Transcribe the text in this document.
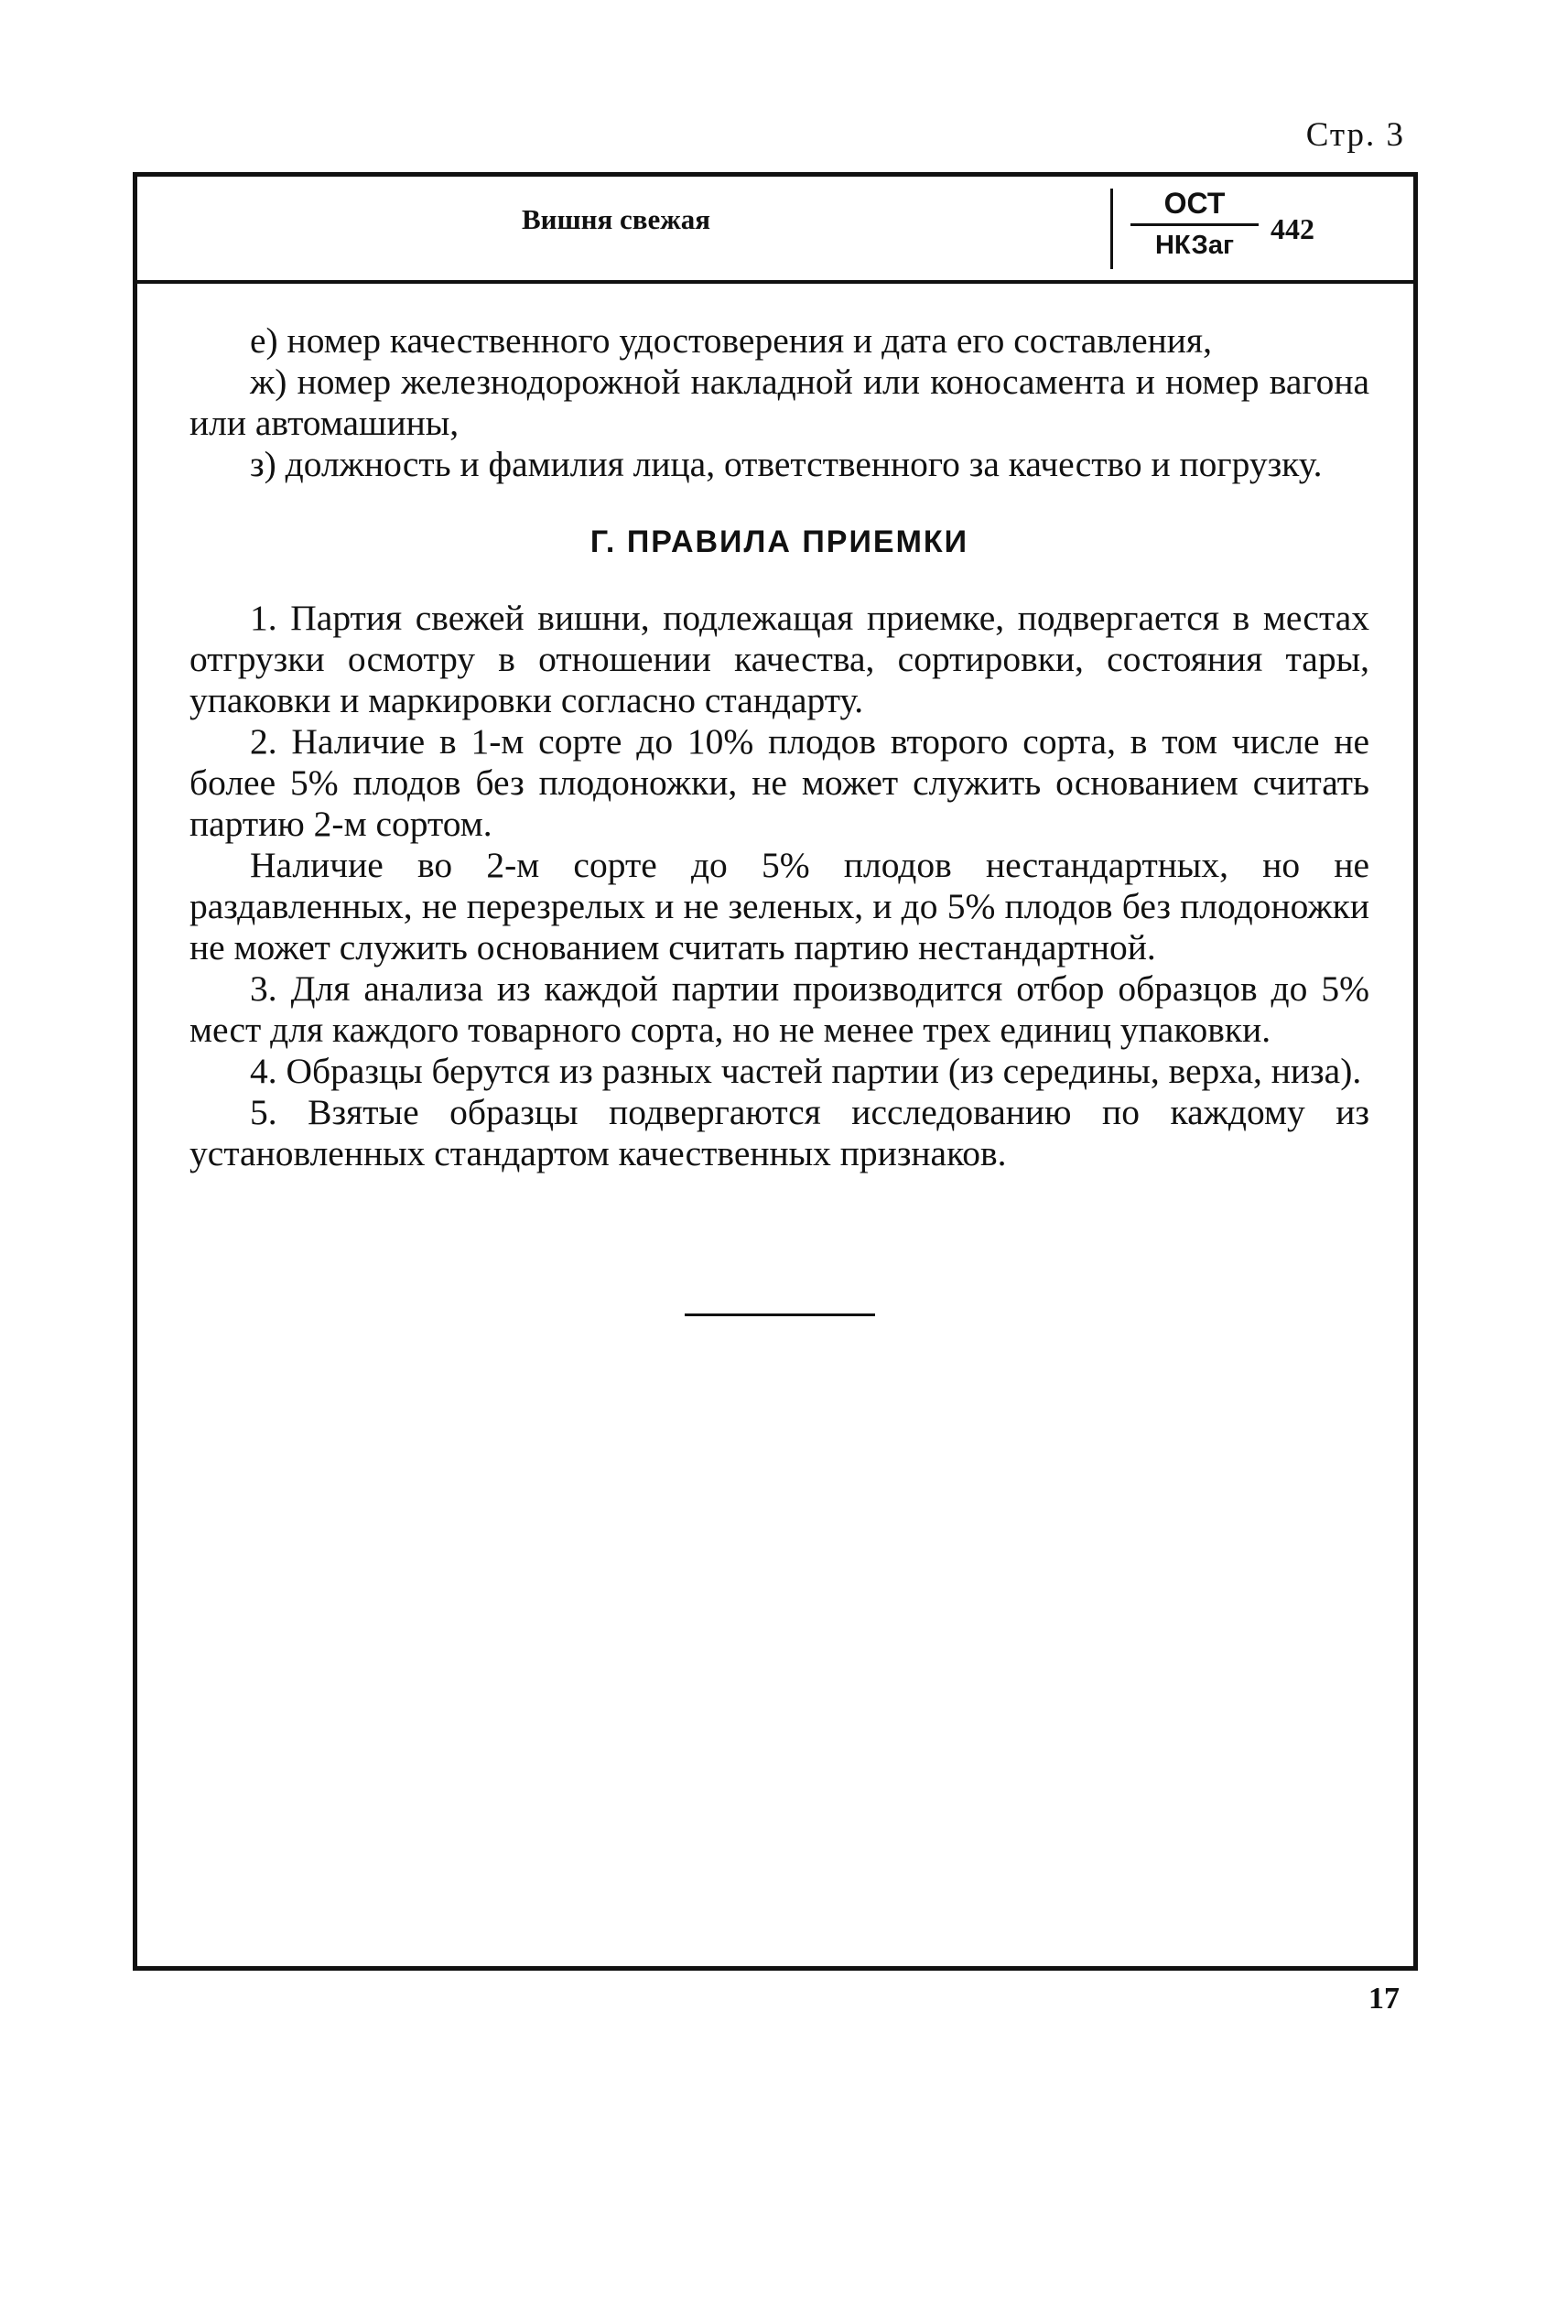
Стр. 3
Вишня свежая	ОСТ
НКЗаг	442

е) номер качественного удостоверения и дата его составления,

ж) номер железнодорожной накладной или коносамента и номер вагона или автомашины,

з) должность и фамилия лица, ответственного за качество и погрузку.

Г. ПРАВИЛА ПРИЕМКИ

1. Партия свежей вишни, подлежащая приемке, подвергается в местах отгрузки осмотру в отношении качества, сортировки, состояния тары, упаковки и маркировки согласно стандарту.

2. Наличие в 1-м сорте до 10% плодов второго сорта, в том числе не более 5% плодов без плодоножки, не может служить основанием считать партию 2-м сортом.

Наличие во 2-м сорте до 5% плодов нестандартных, но не раздавленных, не перезрелых и не зеленых, и до 5% плодов без плодоножки не может служить основанием считать партию нестандартной.

3. Для анализа из каждой партии производится отбор образцов до 5% мест для каждого товарного сорта, но не менее трех единиц упаковки.

4. Образцы берутся из разных частей партии (из середины, верха, низа).

5. Взятые образцы подвергаются исследованию по каждому из установленных стандартом качественных признаков.

17
